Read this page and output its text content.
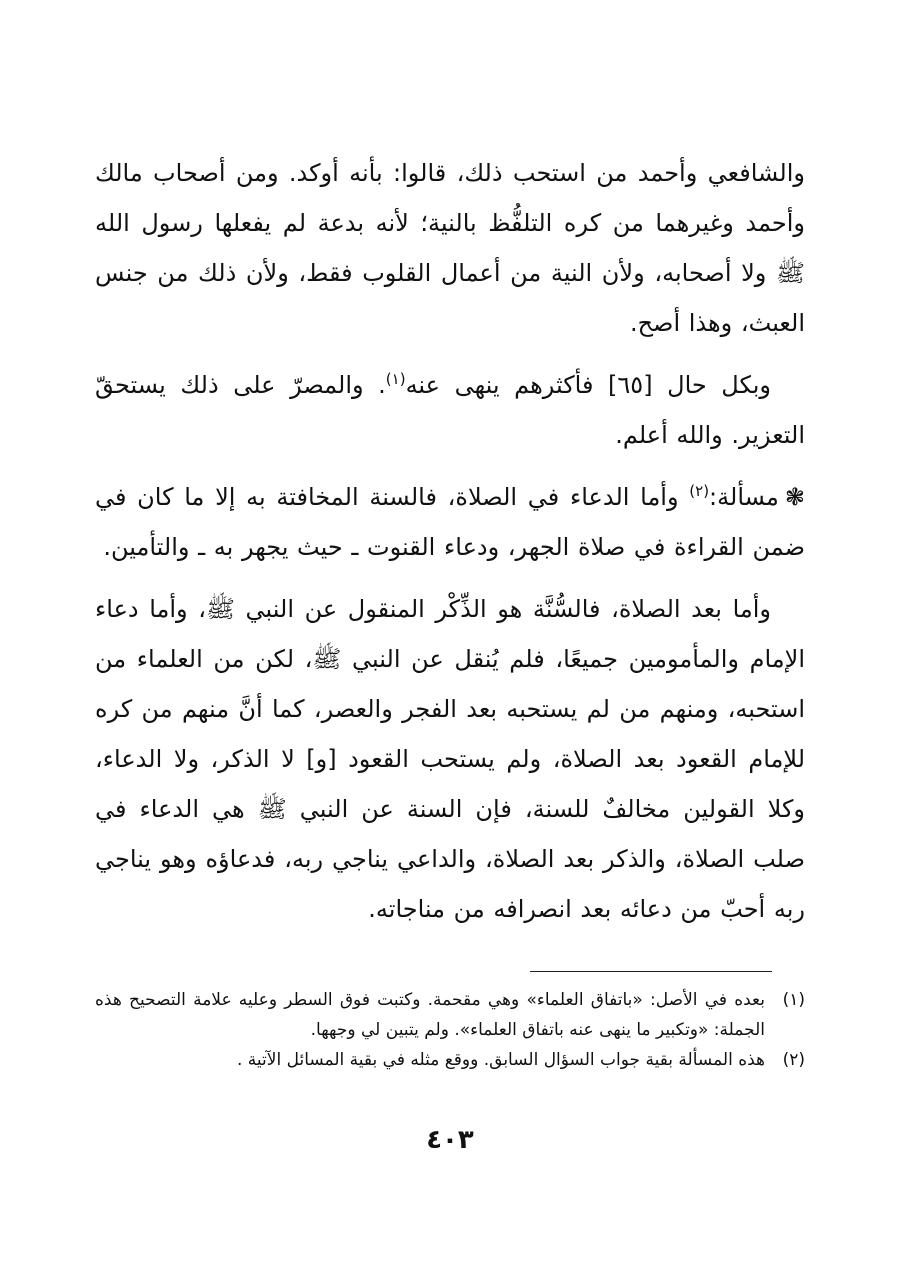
والشافعي وأحمد من استحب ذلك، قالوا: بأنه أوكد. ومن أصحاب مالك وأحمد وغيرهما من كره التلفُّظ بالنية؛ لأنه بدعة لم يفعلها رسول الله ﷺ ولا أصحابه، ولأن النية من أعمال القلوب فقط، ولأن ذلك من جنس العبث، وهذا أصح.

وبكل حال [٦٥] فأكثرهم ينهى عنه$^{(١)}$. والمصرّ على ذلك يستحقّ التعزير. والله أعلم.

❃مسألة:$^{(٢)}$ وأما الدعاء في الصلاة، فالسنة المخافتة به إلا ما كان في ضمن القراءة في صلاة الجهر، ودعاء القنوت ـ حيث يجهر به ـ والتأمين.

وأما بعد الصلاة، فالسُّنَّة هو الذِّكْر المنقول عن النبي ﷺ، وأما دعاء الإمام والمأمومين جميعًا، فلم يُنقل عن النبي ﷺ، لكن من العلماء من استحبه، ومنهم من لم يستحبه بعد الفجر والعصر، كما أنَّ منهم من كره للإمام القعود بعد الصلاة، ولم يستحب القعود [و] لا الذكر، ولا الدعاء، وكلا القولين مخالفٌ للسنة، فإن السنة عن النبي ﷺ هي الدعاء في صلب الصلاة، والذكر بعد الصلاة، والداعي يناجي ربه، فدعاؤه وهو يناجي ربه أحبّ من دعائه بعد انصرافه من مناجاته.

(١)
بعده في الأصل: «باتفاق العلماء» وهي مقحمة. وكتبت فوق السطر وعليه علامة التصحيح هذه الجملة: «وتكبير ما ينهى عنه باتفاق العلماء». ولم يتبين لي وجهها.
(٢)
هذه المسألة بقية جواب السؤال السابق. ووقع مثله في بقية المسائل الآتية .
٤٠٣
